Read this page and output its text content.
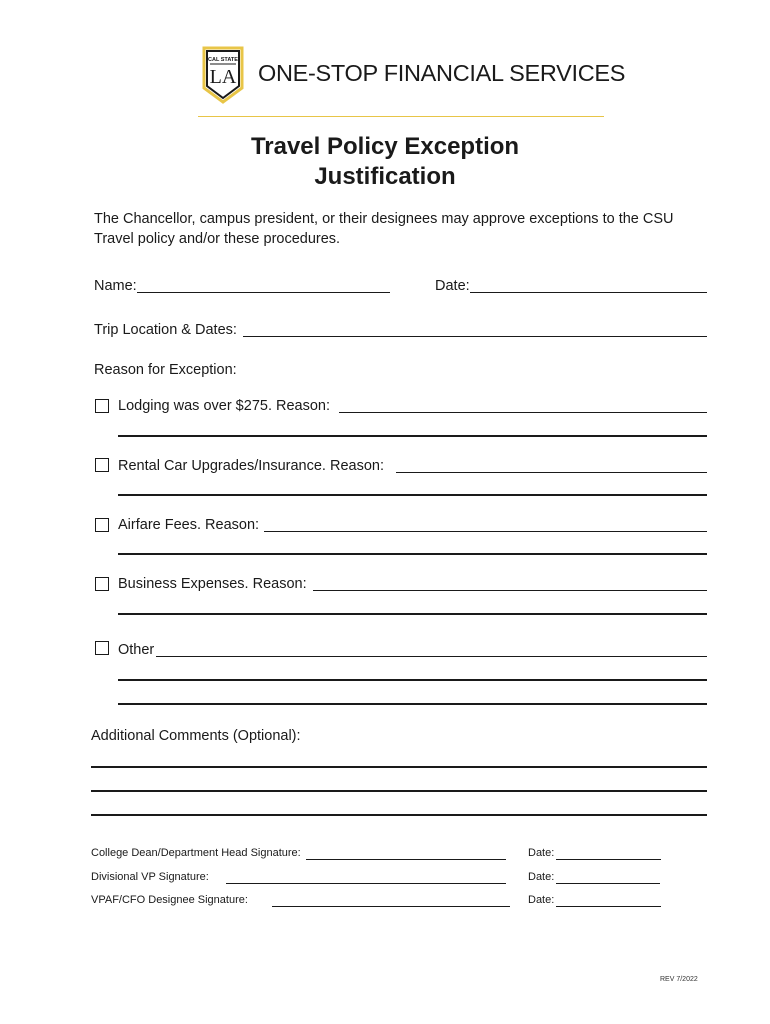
CAL STATE
LA ONE-STOP FINANCIAL SERVICES
Travel Policy Exception
Justification
The Chancellor, campus president, or their designees may approve exceptions to the CSU Travel policy and/or these procedures.
Name:	Date:
Trip Location & Dates:
Reason for Exception:
Lodging was over $275. Reason:
Rental Car Upgrades/Insurance. Reason:
Airfare Fees. Reason:
Business Expenses. Reason:
Other
Additional Comments (Optional):
College Dean/Department Head Signature:	Date:
Divisional VP Signature:	Date:
VPAF/CFO Designee Signature:	Date:
REV 7/2022
